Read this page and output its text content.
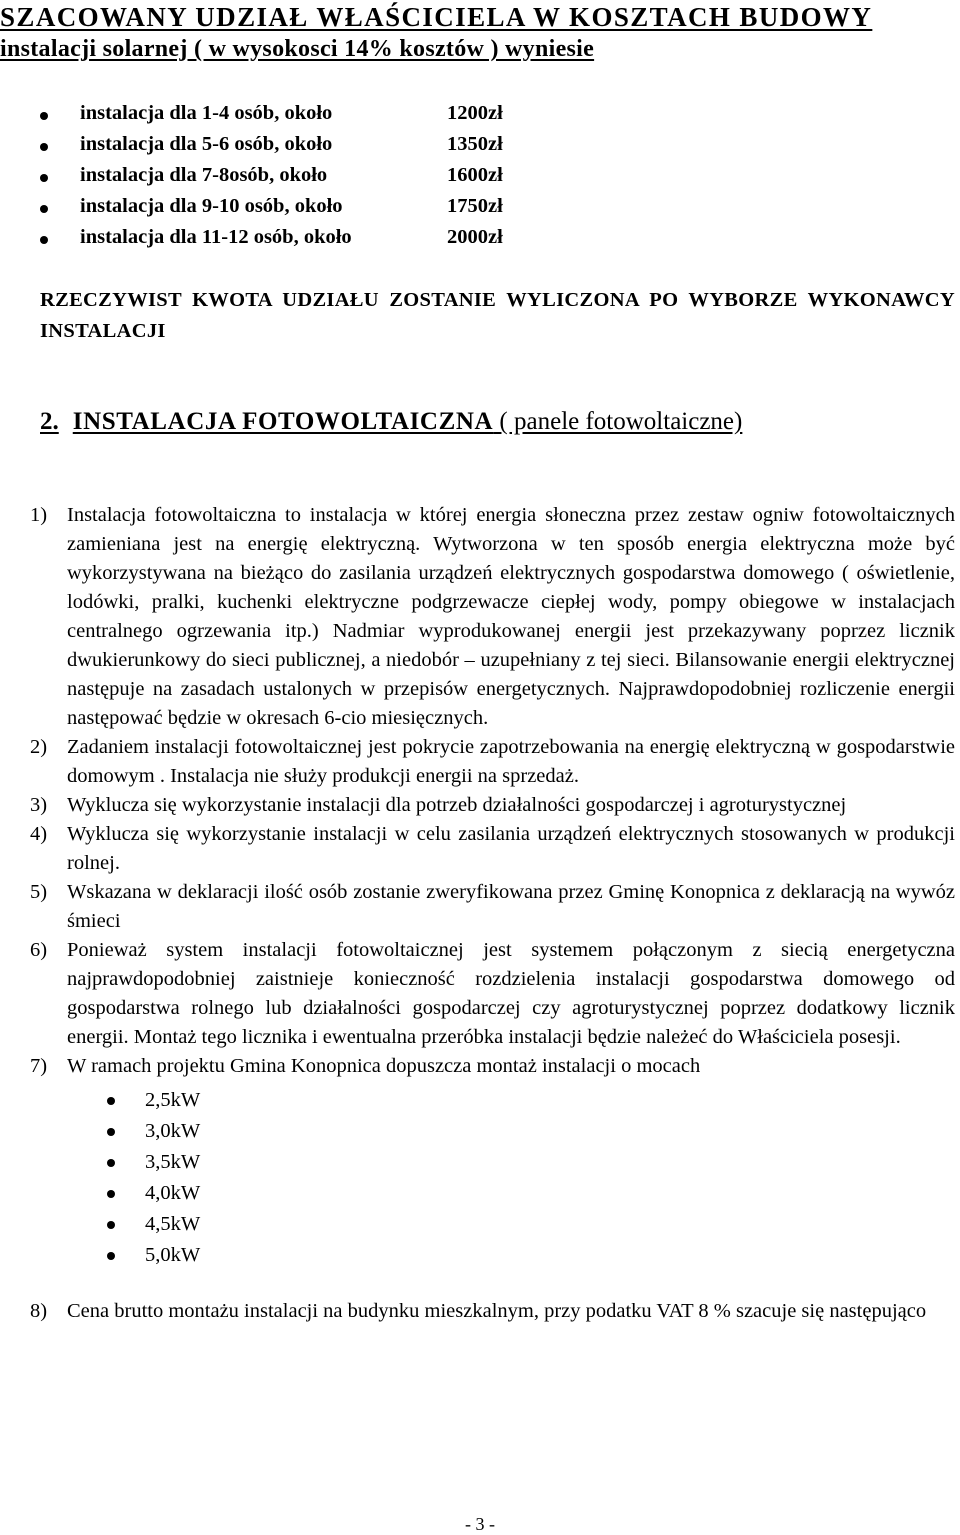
SZACOWANY UDZIAŁ WŁAŚCICIELA W KOSZTACH BUDOWY
instalacji solarnej ( w wysokosci 14% kosztów ) wyniesie
instalacja dla 1-4 osób, około	1200zł
instalacja dla 5-6 osób, około	1350zł
instalacja dla 7-8osób, około	1600zł
instalacja dla 9-10 osób, około	1750zł
instalacja dla 11-12 osób, około	2000zł

RZECZYWIST KWOTA UDZIAŁU ZOSTANIE WYLICZONA PO WYBORZE WYKONAWCY INSTALACJI

2. INSTALACJA FOTOWOLTAICZNA ( panele fotowoltaiczne)
1) Instalacja fotowoltaiczna to instalacja w której energia słoneczna przez zestaw ogniw fotowoltaicznych zamieniana jest na energię elektryczną. Wytworzona w ten sposób energia elektryczna może być wykorzystywana na bieżąco do zasilania urządzeń elektrycznych gospodarstwa domowego ( oświetlenie, lodówki, pralki, kuchenki elektryczne podgrzewacze ciepłej wody, pompy obiegowe w instalacjach centralnego ogrzewania itp.) Nadmiar wyprodukowanej energii jest przekazywany poprzez licznik dwukierunkowy do sieci publicznej, a niedobór – uzupełniany z tej sieci. Bilansowanie energii elektrycznej następuje na zasadach ustalonych w przepisów energetycznych. Najprawdopodobniej rozliczenie energii następować będzie w okresach 6-cio miesięcznych.
2) Zadaniem instalacji fotowoltaicznej jest pokrycie zapotrzebowania na energię elektryczną w gospodarstwie domowym . Instalacja nie służy produkcji energii na sprzedaż.
3) Wyklucza się wykorzystanie instalacji dla potrzeb działalności gospodarczej i agroturystycznej
4) Wyklucza się wykorzystanie instalacji w celu zasilania urządzeń elektrycznych stosowanych w produkcji rolnej.
5) Wskazana w deklaracji ilość osób zostanie zweryfikowana przez Gminę Konopnica z deklaracją na wywóz śmieci
6) Ponieważ system instalacji fotowoltaicznej jest systemem połączonym z siecią energetyczna najprawdopodobniej zaistnieje konieczność rozdzielenia instalacji gospodarstwa domowego od gospodarstwa rolnego lub działalności gospodarczej czy agroturystycznej poprzez dodatkowy licznik energii. Montaż tego licznika i ewentualna przeróbka instalacji będzie należeć do Właściciela posesji.
7) W ramach projektu Gmina Konopnica dopuszcza montaż instalacji o mocach
2,5kW
3,0kW
3,5kW
4,0kW
4,5kW
5,0kW
8) Cena brutto montażu instalacji na budynku mieszkalnym, przy podatku VAT 8 % szacuje się następująco

- 3 -
